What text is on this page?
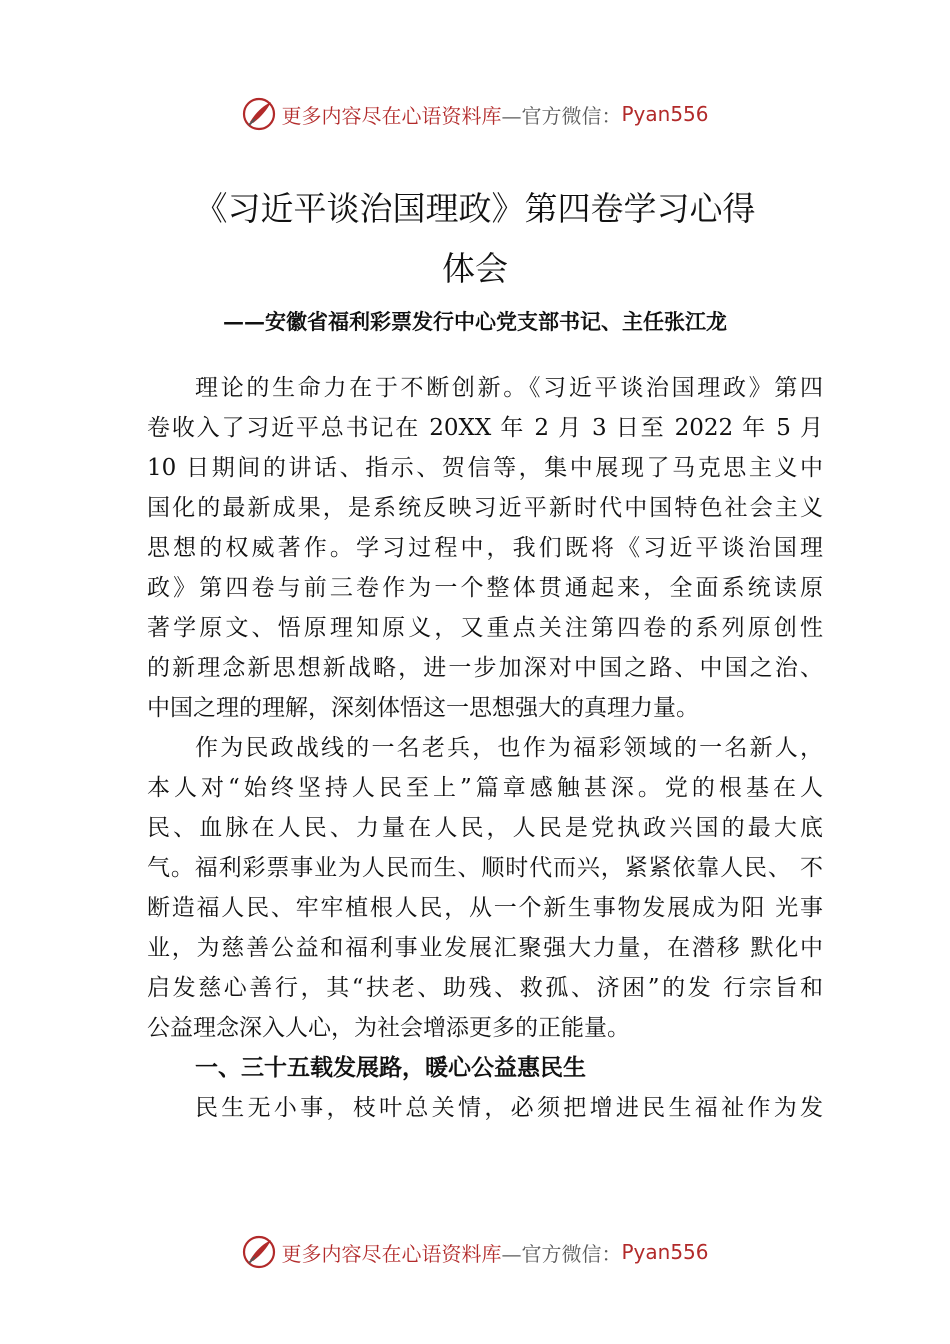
更多内容尽在心语资料库 —官方微信： Pyan556
《习近平谈治国理政》第四卷学习心得
体会
——安徽省福利彩票发行中心党支部书记、主任张江龙
理论的生命力在于不断创新。《习近平谈治国理政》第四
卷收入了习近平总书记在 20XX 年 2 月 3 日至 2022 年 5 月
10 日期间的讲话、指示、贺信等，集中展现了马克思主义中
国化的最新成果，是系统反映习近平新时代中国特色社会主义
思想的权威著作。学习过程中，我们既将《习近平谈治国理
政》第四卷与前三卷作为一个整体贯通起来，全面系统读原
著学原文、悟原理知原义，又重点关注第四卷的系列原创性
的新理念新思想新战略，进一步加深对中国之路、中国之治、
中国之理的理解，深刻体悟这一思想强大的真理力量。
作为民政战线的一名老兵，也作为福彩领域的一名新人，
本人对“始终坚持人民至上”篇章感触甚深。党的根基在人
民、血脉在人民、力量在人民，人民是党执政兴国的最大底
气。福利彩票事业为人民而生、顺时代而兴，紧紧依靠人民、 不
断造福人民、牢牢植根人民，从一个新生事物发展成为阳 光事
业，为慈善公益和福利事业发展汇聚强大力量，在潜移 默化中
启发慈心善行，其“扶老、助残、救孤、济困”的发 行宗旨和
公益理念深入人心，为社会增添更多的正能量。
一、三十五载发展路，暖心公益惠民生
民生无小事，枝叶总关情，必须把增进民生福祉作为发
更多内容尽在心语资料库 —官方微信： Pyan556
